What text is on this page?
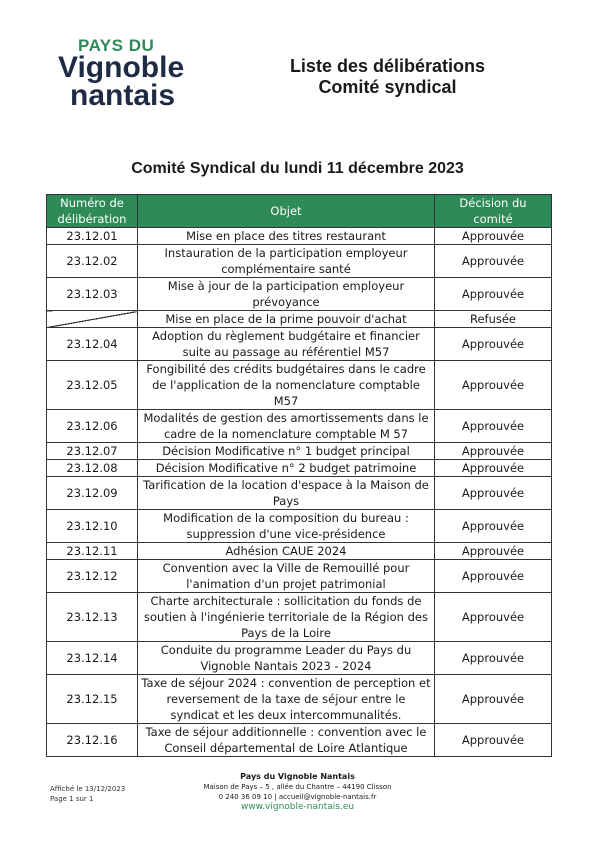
PAYS DU
Vignoble
nantais
Liste des délibérations
Comité syndical
Comité Syndical du lundi 11 décembre 2023
Numéro de délibération	Objet	Décision du comité
23.12.01	Mise en place des titres restaurant	Approuvée
23.12.02	Instauration de la participation employeur complémentaire santé	Approuvée
23.12.03	Mise à jour de la participation employeur prévoyance	Approuvée
	Mise en place de la prime pouvoir d'achat	Refusée
23.12.04	Adoption du règlement budgétaire et financier suite au passage au référentiel M57	Approuvée
23.12.05	Fongibilité des crédits budgétaires dans le cadre de l'application de la nomenclature comptable M57	Approuvée
23.12.06	Modalités de gestion des amortissements dans le cadre de la nomenclature comptable M 57	Approuvée
23.12.07	Décision Modificative n° 1 budget principal	Approuvée
23.12.08	Décision Modificative n° 2 budget patrimoine	Approuvée
23.12.09	Tarification de la location d'espace à la Maison de Pays	Approuvée
23.12.10	Modification de la composition du bureau : suppression d'une vice-présidence	Approuvée
23.12.11	Adhésion CAUE 2024	Approuvée
23.12.12	Convention avec la Ville de Remouillé pour l'animation d'un projet patrimonial	Approuvée
23.12.13	Charte architecturale : sollicitation du fonds de soutien à l'ingénierie territoriale de la Région des Pays de la Loire	Approuvée
23.12.14	Conduite du programme Leader du Pays du Vignoble Nantais 2023 - 2024	Approuvée
23.12.15	Taxe de séjour 2024 : convention de perception et reversement de la taxe de séjour entre le syndicat et les deux intercommunalités.	Approuvée
23.12.16	Taxe de séjour additionnelle : convention avec le Conseil départemental de Loire Atlantique	Approuvée
Affiché le 13/12/2023
Page 1 sur 1
Pays du Vignoble Nantais
Maison de Pays – 5 , allée du Chantre – 44190 Clisson
0 240 36 09 10 | accueil@vignoble-nantais.fr
www.vignoble-nantais.eu
